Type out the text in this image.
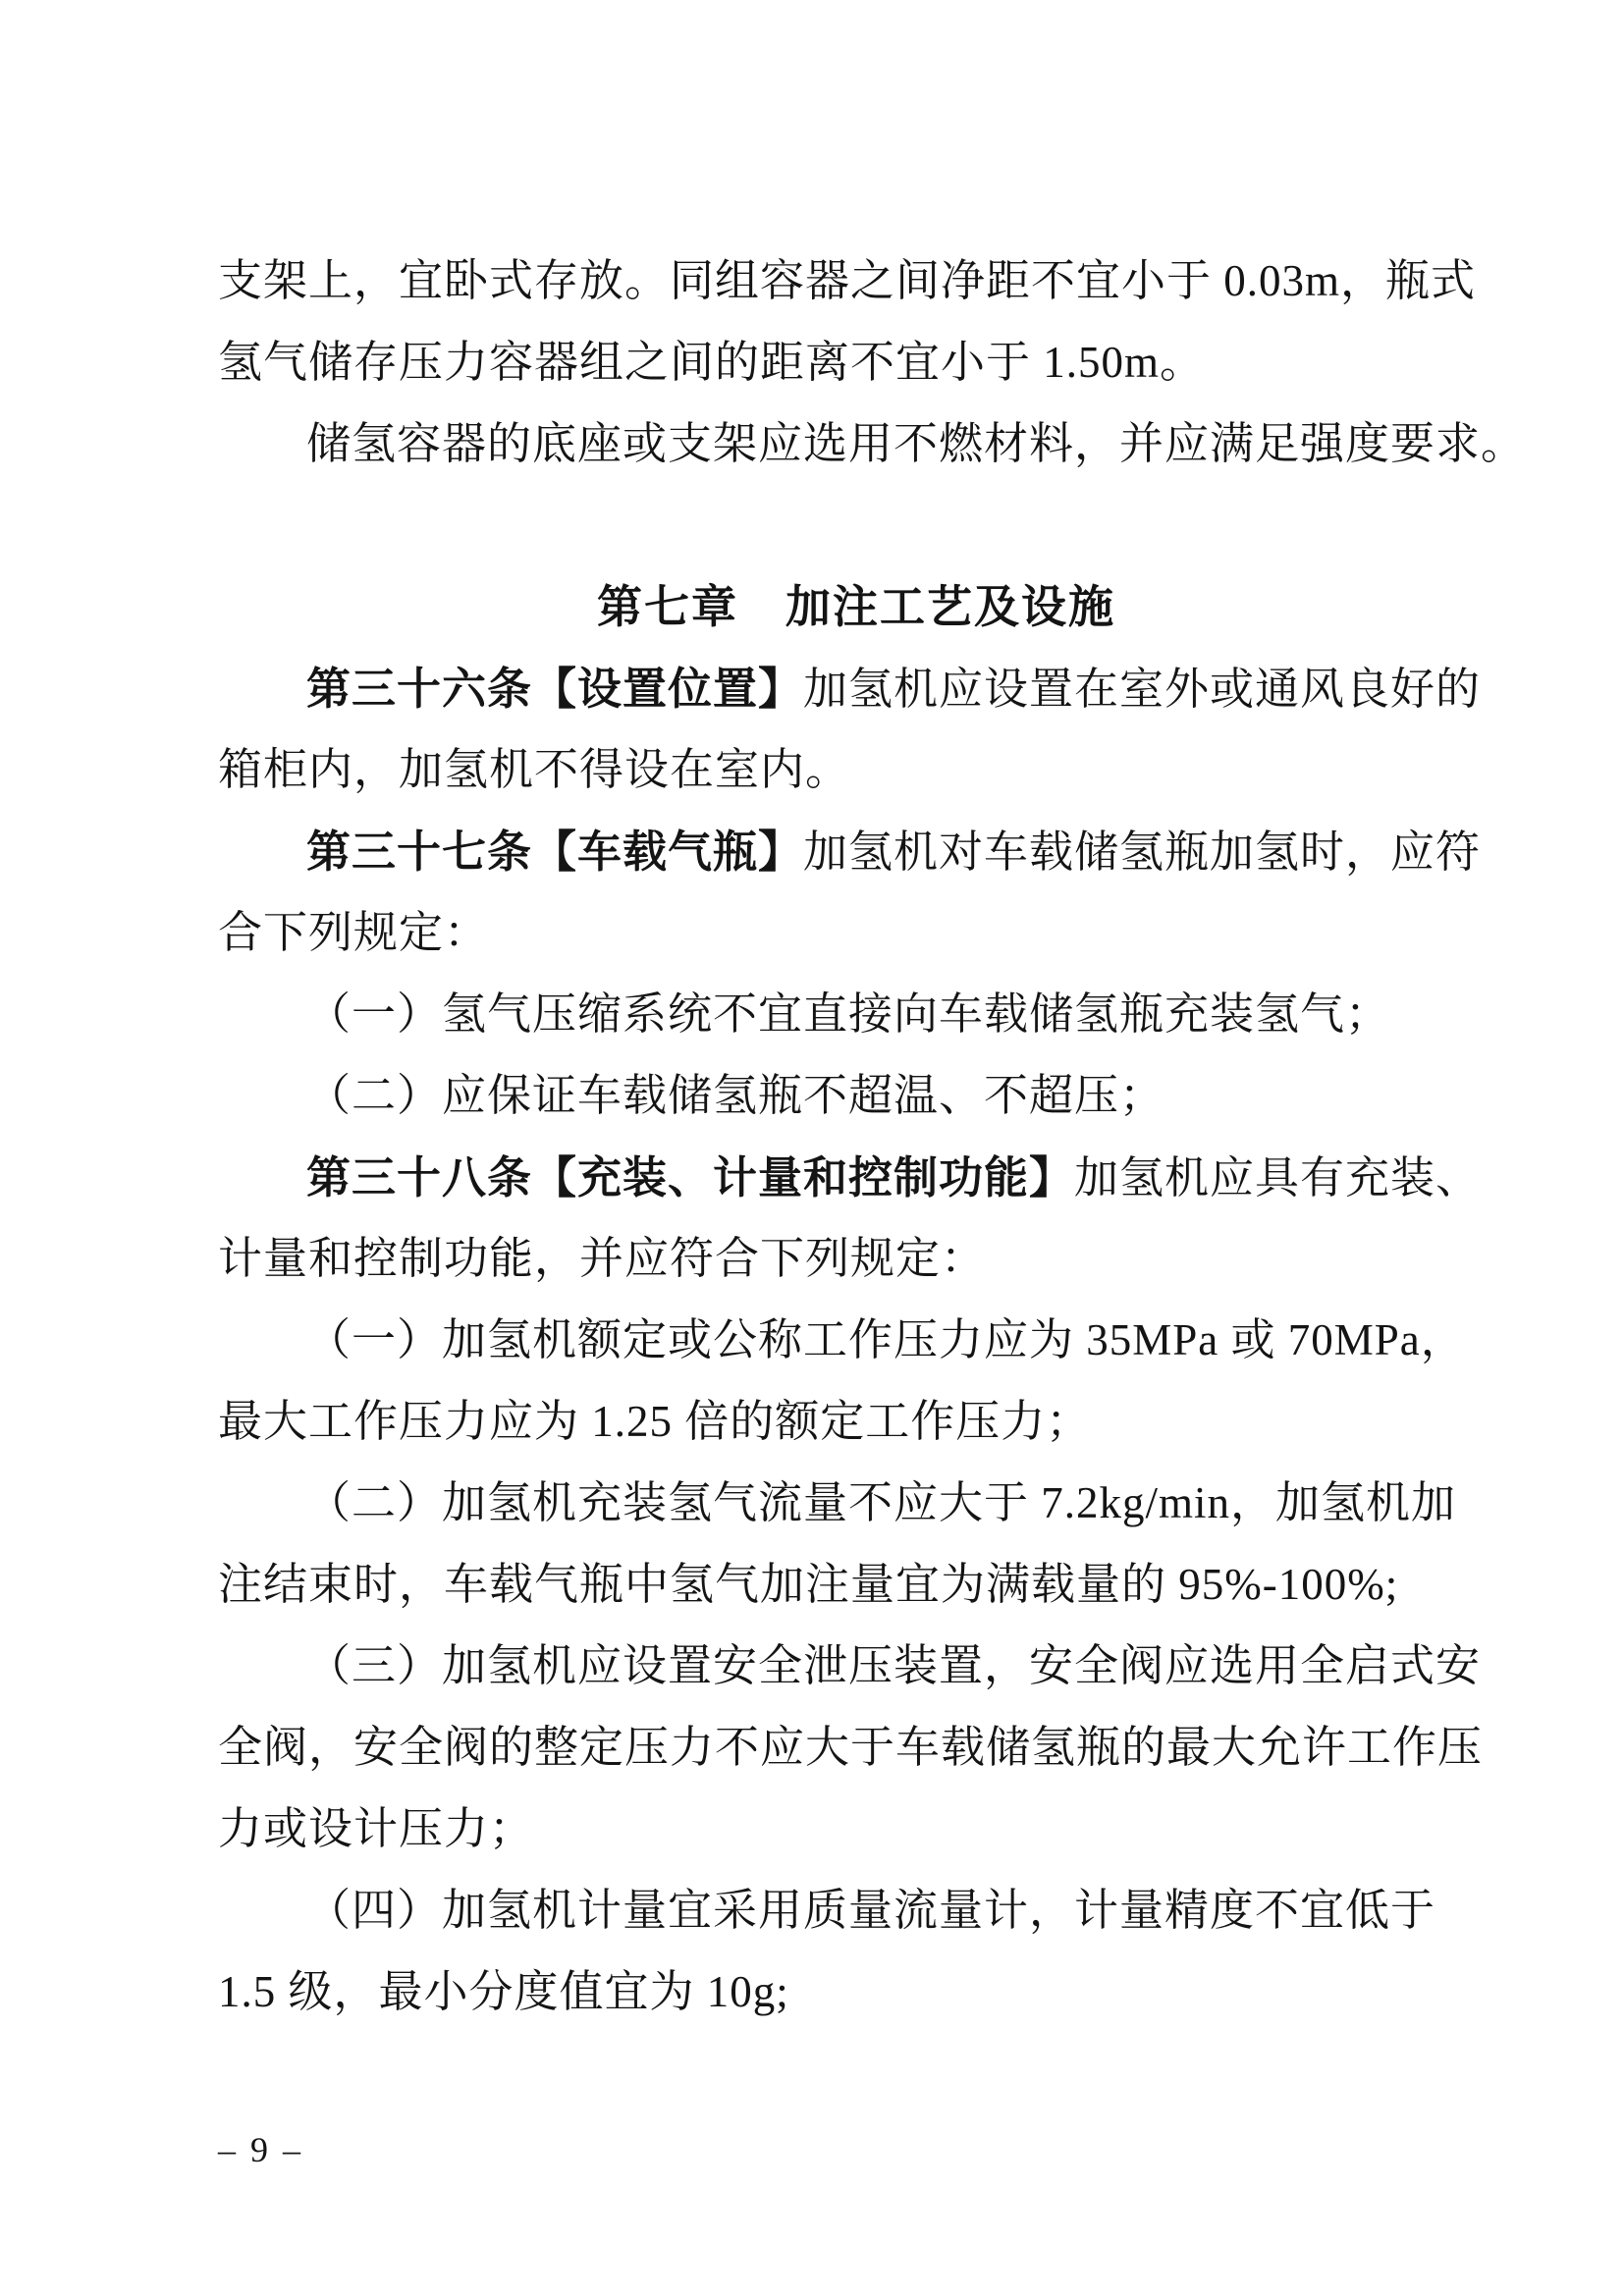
支架上，宜卧式存放。同组容器之间净距不宜小于 0.03m，瓶式
氢气储存压力容器组之间的距离不宜小于 1.50m。
储氢容器的底座或支架应选用不燃材料，并应满足强度要求。
第七章　加注工艺及设施
第三十六条【设置位置】加氢机应设置在室外或通风良好的
箱柜内，加氢机不得设在室内。
第三十七条【车载气瓶】加氢机对车载储氢瓶加氢时，应符
合下列规定：
（一）氢气压缩系统不宜直接向车载储氢瓶充装氢气；
（二）应保证车载储氢瓶不超温、不超压；
第三十八条【充装、计量和控制功能】加氢机应具有充装、
计量和控制功能，并应符合下列规定：
（一）加氢机额定或公称工作压力应为 35MPa 或 70MPa，
最大工作压力应为 1.25 倍的额定工作压力；
（二）加氢机充装氢气流量不应大于 7.2kg/min，加氢机加
注结束时，车载气瓶中氢气加注量宜为满载量的 95%-100%;
（三）加氢机应设置安全泄压装置，安全阀应选用全启式安
全阀，安全阀的整定压力不应大于车载储氢瓶的最大允许工作压
力或设计压力；
（四）加氢机计量宜采用质量流量计，计量精度不宜低于
1.5 级，最小分度值宜为 10g;
– 9 –
